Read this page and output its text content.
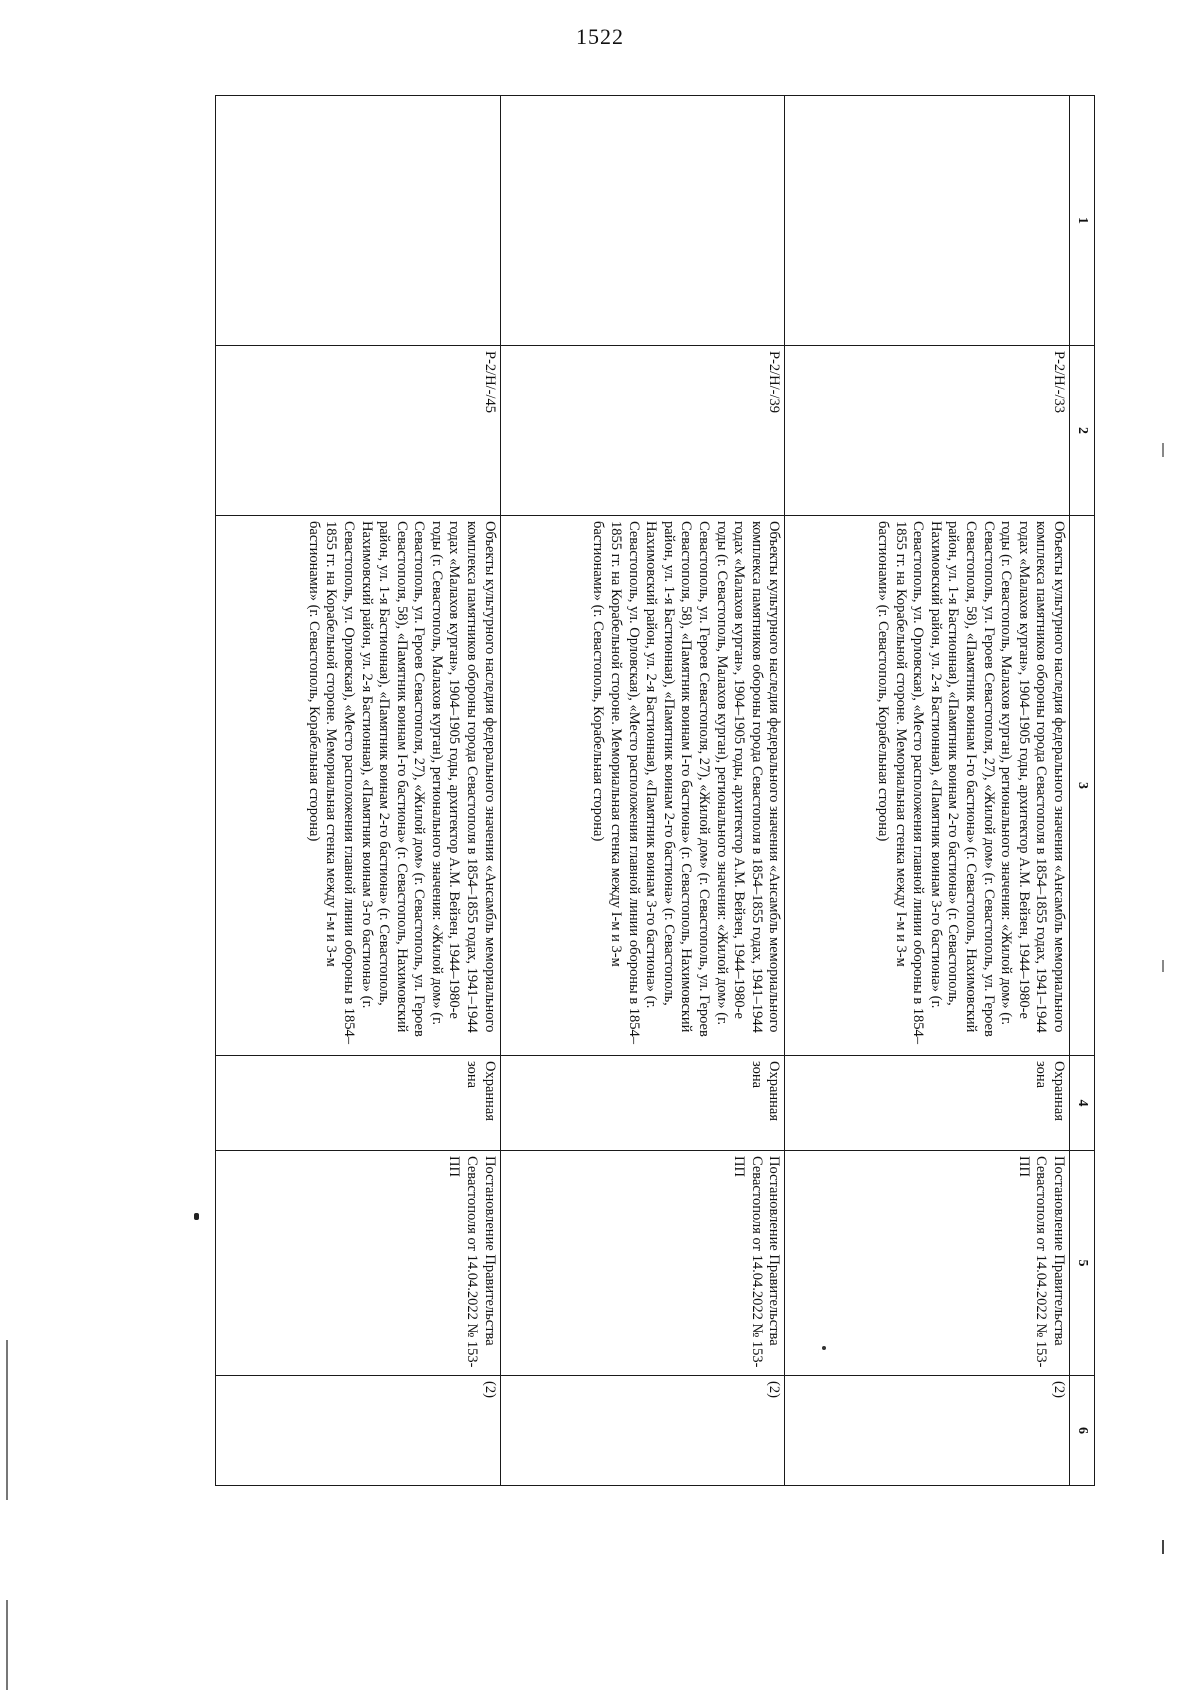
1522
1	2	3	4	5	6
	Р-2/Н/-/33	Объекты культурного наследия федерального значения «Ансамбль мемориального комплекса памятников обороны города Севастополя в 1854–1855 годах, 1941–1944 годах «Малахов курган», 1904–1905 годы, архитектор А.М. Вейзен, 1944–1980-е годы (г. Севастополь, Малахов курган), регионального значения: «Жилой дом» (г. Севастополь, ул. Героев Севастополя, 27), «Жилой дом» (г. Севастополь, ул. Героев Севастополя, 58), «Памятник воинам I-го бастиона» (г. Севастополь, Нахимовский район, ул. 1-я Бастионная), «Памятник воинам 2-го бастиона» (г. Севастополь, Нахимовский район, ул. 2-я Бастионная), «Памятник воинам 3-го бастиона» (г. Севастополь, ул. Орловская), «Место расположения главной линии обороны в 1854–1855 гг. на Корабельной стороне. Мемориальная стенка между I-м и 3-м бастионами» (г. Севастополь, Корабельная сторона)	Охранная зона	Постановление Правительства Севастополя от 14.04.2022 № 153-ПП	(2)
	Р-2/Н/-/39	Объекты культурного наследия федерального значения «Ансамбль мемориального комплекса памятников обороны города Севастополя в 1854–1855 годах, 1941–1944 годах «Малахов курган», 1904–1905 годы, архитектор А.М. Вейзен, 1944–1980-е годы (г. Севастополь, Малахов курган), регионального значения: «Жилой дом» (г. Севастополь, ул. Героев Севастополя, 27), «Жилой дом» (г. Севастополь, ул. Героев Севастополя, 58), «Памятник воинам I-го бастиона» (г. Севастополь, Нахимовский район, ул. 1-я Бастионная), «Памятник воинам 2-го бастиона» (г. Севастополь, Нахимовский район, ул. 2-я Бастионная), «Памятник воинам 3-го бастиона» (г. Севастополь, ул. Орловская), «Место расположения главной линии обороны в 1854–1855 гг. на Корабельной стороне. Мемориальная стенка между I-м и 3-м бастионами» (г. Севастополь, Корабельная сторона)	Охранная зона	Постановление Правительства Севастополя от 14.04.2022 № 153-ПП	(2)
	Р-2/Н/-/45	Объекты культурного наследия федерального значения «Ансамбль мемориального комплекса памятников обороны города Севастополя в 1854–1855 годах, 1941–1944 годах «Малахов курган», 1904–1905 годы, архитектор А.М. Вейзен, 1944–1980-е годы (г. Севастополь, Малахов курган), регионального значения: «Жилой дом» (г. Севастополь, ул. Героев Севастополя, 27), «Жилой дом» (г. Севастополь, ул. Героев Севастополя, 58), «Памятник воинам I-го бастиона» (г. Севастополь, Нахимовский район, ул. 1-я Бастионная), «Памятник воинам 2-го бастиона» (г. Севастополь, Нахимовский район, ул. 2-я Бастионная), «Памятник воинам 3-го бастиона» (г. Севастополь, ул. Орловская), «Место расположения главной линии обороны в 1854–1855 гг. на Корабельной стороне. Мемориальная стенка между I-м и 3-м бастионами» (г. Севастополь, Корабельная сторона)	Охранная зона	Постановление Правительства Севастополя от 14.04.2022 № 153-ПП	(2)
